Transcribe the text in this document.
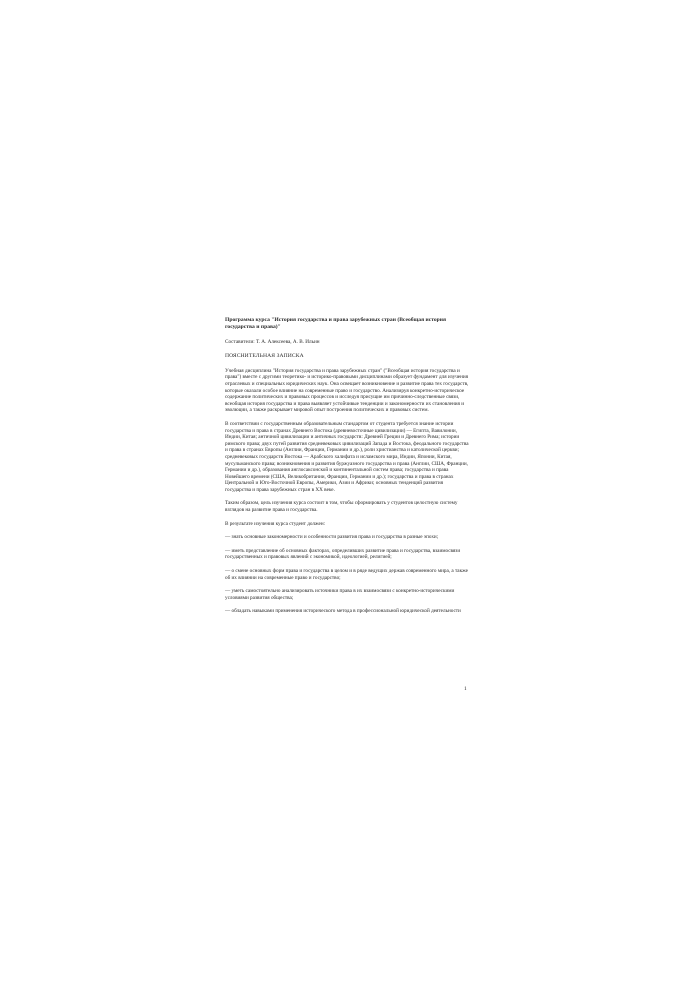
Программа курса "История государства и права зарубежных стран (Всеобщая история государства и права)"

Составители: Т. А. Алексеева, А. В. Ильин

ПОЯСНИТЕЛЬНАЯ ЗАПИСКА

Учебная дисциплина "История государства и права зарубежных стран" ("Всеобщая история государства и права") вместе с другими теоретико- и историко-правовыми дисциплинами образует фундамент для изучения отраслевых и специальных юридических наук. Она освещает возникновение и развитие права тех государств, которые оказали особое влияние на современные право и государство. Анализируя конкретно-историческое содержание политических и правовых процессов и исследуя присущие им причинно-следственные связи, всеобщая история государства и права выявляет устойчивые тенденции и закономерности их становления и эволюции, а также раскрывает мировой опыт построения политических и правовых систем.

В соответствии с государственным образовательным стандартом от студента требуется знание истории государства и права в странах Древнего Востока (древневосточные цивилизации) — Египта, Вавилонии, Индии, Китая; античной цивилизации и античных государств: Древней Греции и Древнего Рима; истории римского права; двух путей развития средневековых цивилизаций Запада и Востока, феодального государства и права в странах Европы (Англии, Франции, Германии и др.), роли христианства и католической церкви; средневековых государств Востока — Арабского халифата и исламского мира, Индии, Японии, Китая, мусульманского права; возникновения и развития буржуазного государства и права (Англии, США, Франции, Германии и др.), образования англосаксонской и континентальной систем права; государства и права Новейшего времени (США, Великобритании, Франции, Германии и др.); государства и права в странах Центральной и Юго-Восточной Европы, Америки, Азии и Африки; основных тенденций развития государства и права зарубежных стран в XX веке.

Таким образом, цель изучения курса состоит в том, чтобы сформировать у студентов целостную систему взглядов на развитие права и государства.

В результате изучения курса студент должен:

— знать основные закономерности и особенности развития права и государства в разные эпохи;

— иметь представление об основных факторах, определивших развитие права и государства, взаимосвязи государственных и правовых явлений с экономикой, идеологией, религией;

— о смене основных форм права и государства в целом и в ряде ведущих держав современного мира, а также об их влиянии на современные право и государство;

— уметь самостоятельно анализировать источники права в их взаимосвязи с конкретно-историческими условиями развития общества;

— обладать навыками применения исторического метода в профессиональной юридической деятельности

1
